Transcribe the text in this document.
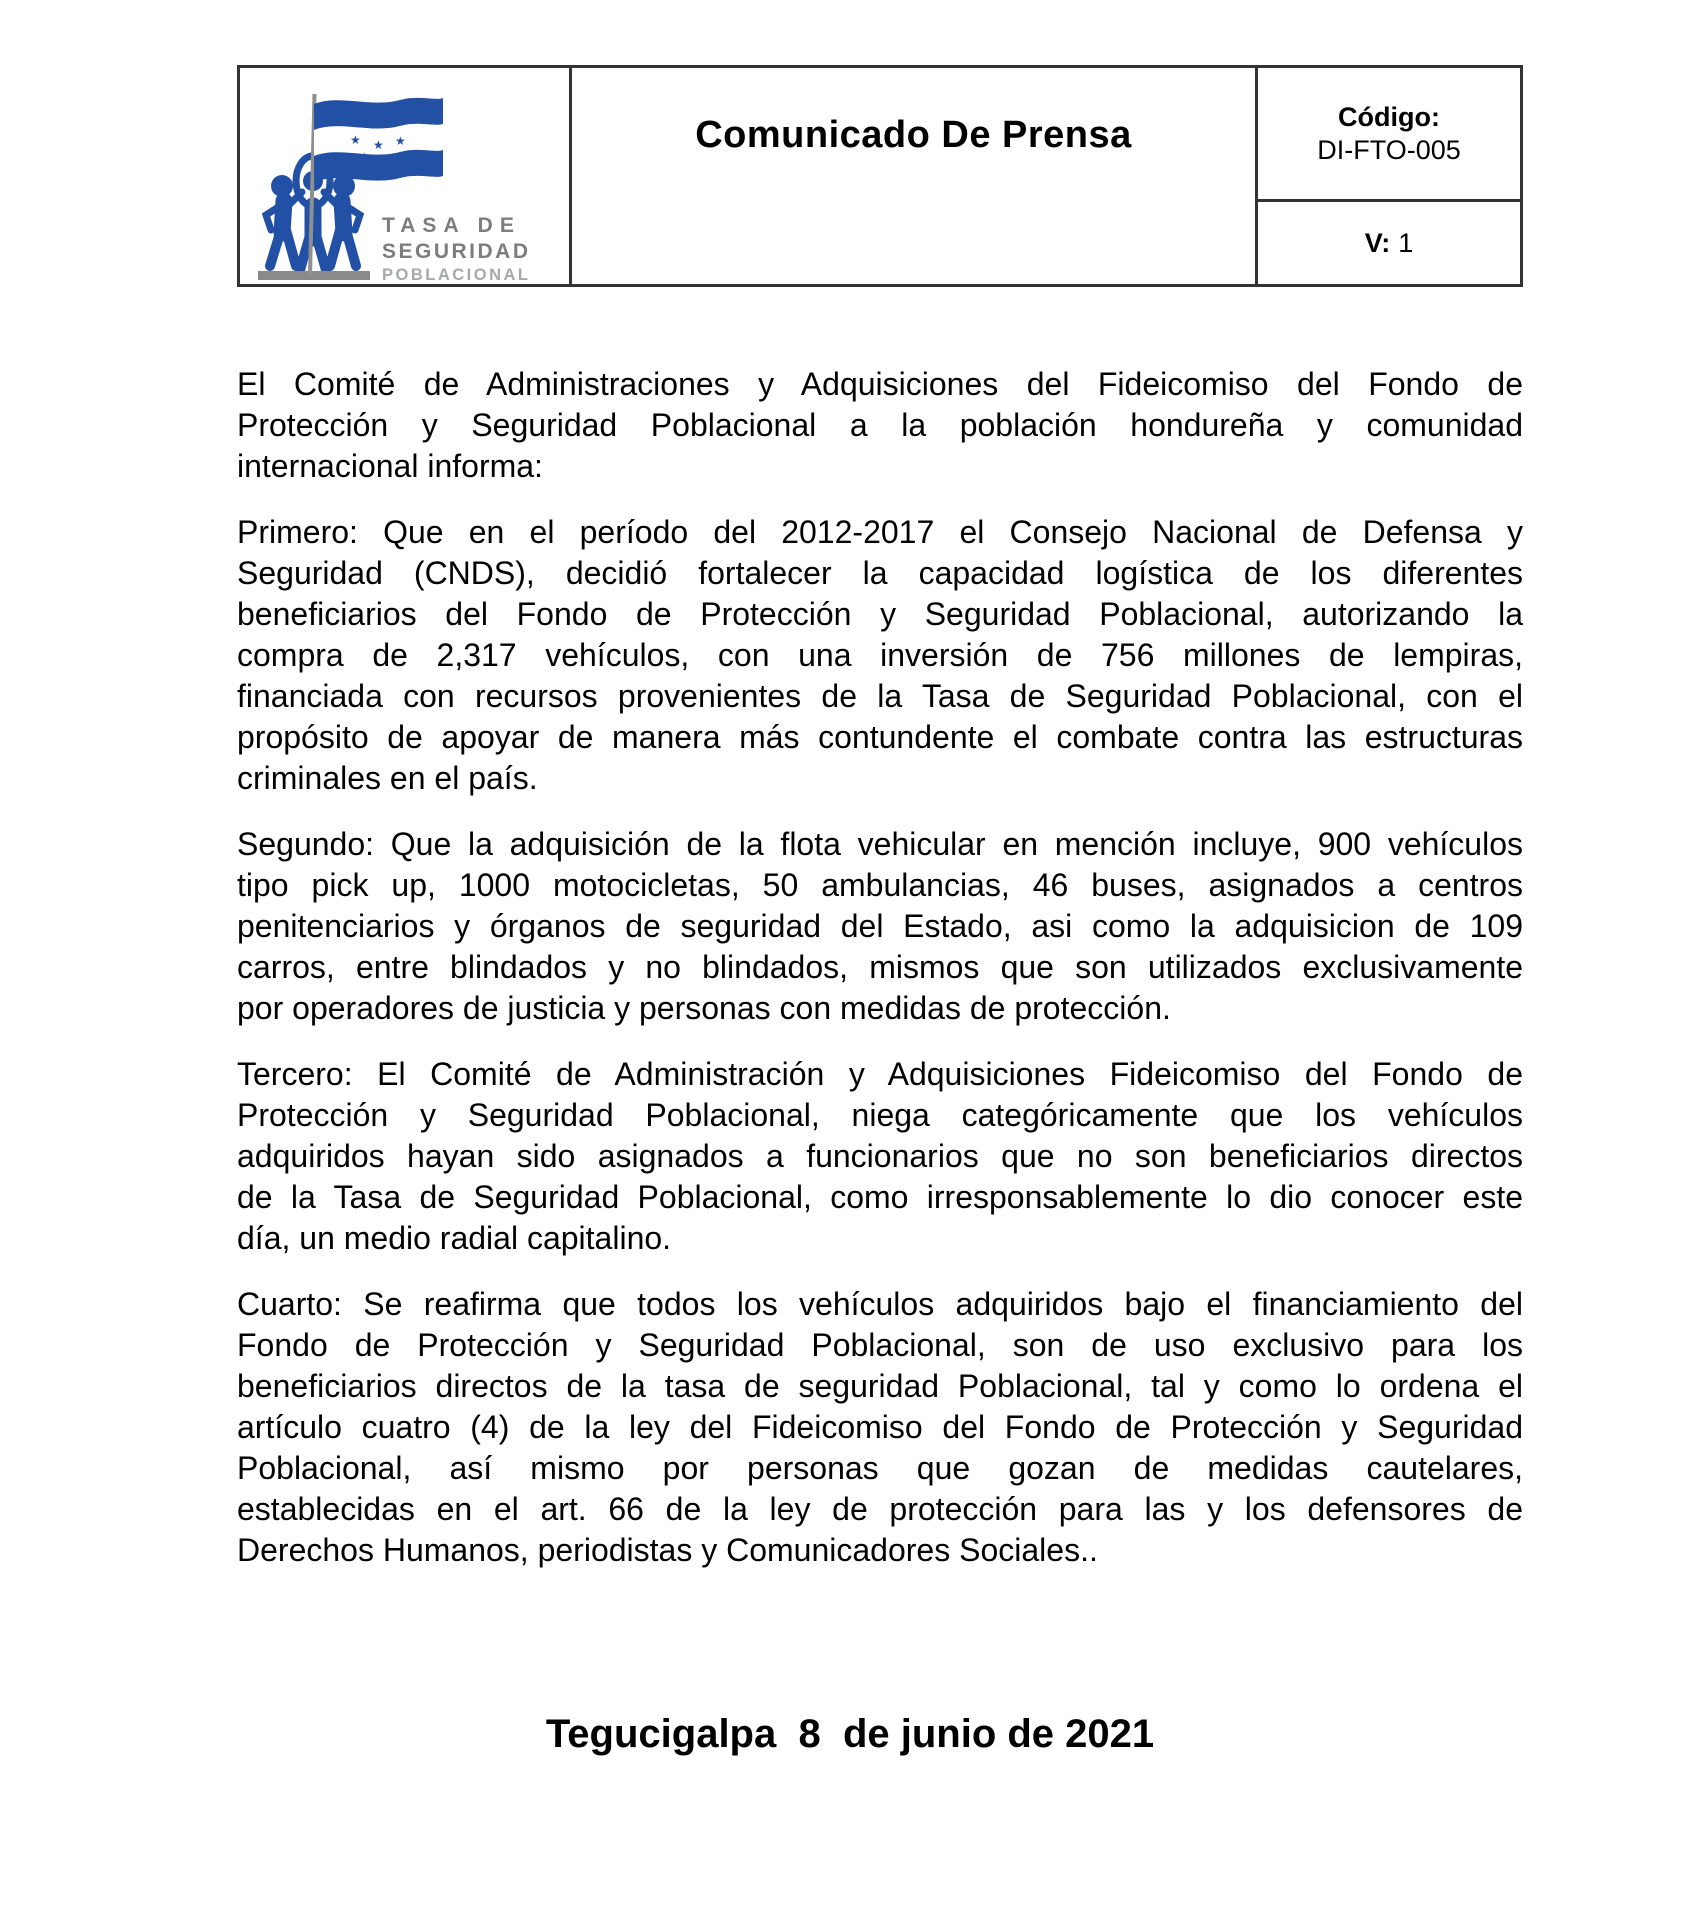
★ ★ ★
★ ★
TASA DE
SEGURIDAD
POBLACIONAL
Comunicado De Prensa	Código:
DI-FTO-005
V: 1
El Comité de Administraciones y Adquisiciones del Fideicomiso del Fondo de
Protección y Seguridad Poblacional a la población hondureña y comunidad
internacional informa:
Primero: Que en el período del 2012-2017 el Consejo Nacional de Defensa y
Seguridad (CNDS), decidió fortalecer la capacidad logística de los diferentes
beneficiarios del Fondo de Protección y Seguridad Poblacional, autorizando la
compra de 2,317 vehículos, con una inversión de 756 millones de lempiras,
financiada con recursos provenientes de la Tasa de Seguridad Poblacional, con el
propósito de apoyar de manera más contundente el combate contra las estructuras
criminales en el país.
Segundo: Que la adquisición de la flota vehicular en mención incluye, 900 vehículos
tipo pick up, 1000 motocicletas, 50 ambulancias, 46 buses, asignados a centros
penitenciarios y órganos de seguridad del Estado, asi como la adquisicion de 109
carros, entre blindados y no blindados, mismos que son utilizados exclusivamente
por operadores de justicia y personas con medidas de protección.
Tercero: El Comité de Administración y Adquisiciones Fideicomiso del Fondo de
Protección y Seguridad Poblacional, niega categóricamente que los vehículos
adquiridos hayan sido asignados a funcionarios que no son beneficiarios directos
de la Tasa de Seguridad Poblacional, como irresponsablemente lo dio conocer este
día, un medio radial capitalino.
Cuarto: Se reafirma que todos los vehículos adquiridos bajo el financiamiento del
Fondo de Protección y Seguridad Poblacional, son de uso exclusivo para los
beneficiarios directos de la tasa de seguridad Poblacional, tal y como lo ordena el
artículo cuatro (4) de la ley del Fideicomiso del Fondo de Protección y Seguridad
Poblacional, así mismo por personas que gozan de medidas cautelares,
establecidas en el art. 66 de la ley de protección para las y los defensores de
Derechos Humanos, periodistas y Comunicadores Sociales..
Tegucigalpa  8  de junio de 2021
